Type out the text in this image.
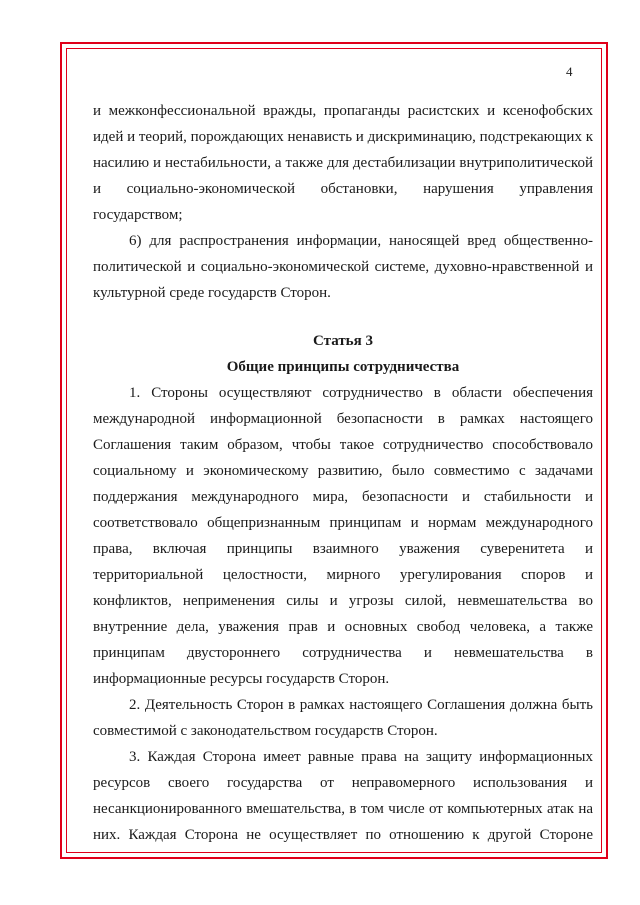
4

и межконфессиональной вражды, пропаганды расистских и ксенофобских идей и теорий, порождающих ненависть и дискриминацию, подстрекающих к насилию и нестабильности, а также для дестабилизации внутриполитической и социально-экономической обстановки, нарушения управления государством;

6) для распространения информации, наносящей вред общественно-политической и социально-экономической системе, духовно-нравственной и культурной среде государств Сторон.

Статья 3

Общие принципы сотрудничества

1. Стороны осуществляют сотрудничество в области обеспечения международной информационной безопасности в рамках настоящего Соглашения таким образом, чтобы такое сотрудничество способствовало социальному и экономическому развитию, было совместимо с задачами поддержания международного мира, безопасности и стабильности и соответствовало общепризнанным принципам и нормам международного права, включая принципы взаимного уважения суверенитета и территориальной целостности, мирного урегулирования споров и конфликтов, неприменения силы и угрозы силой, невмешательства во внутренние дела, уважения прав и основных свобод человека, а также принципам двустороннего сотрудничества и невмешательства в информационные ресурсы государств Сторон.

2. Деятельность Сторон в рамках настоящего Соглашения должна быть совместимой с законодательством государств Сторон.

3. Каждая Сторона имеет равные права на защиту информационных ресурсов своего государства от неправомерного использования и несанкционированного вмешательства, в том числе от компьютерных атак на них. Каждая Сторона не осуществляет по отношению к другой Стороне
